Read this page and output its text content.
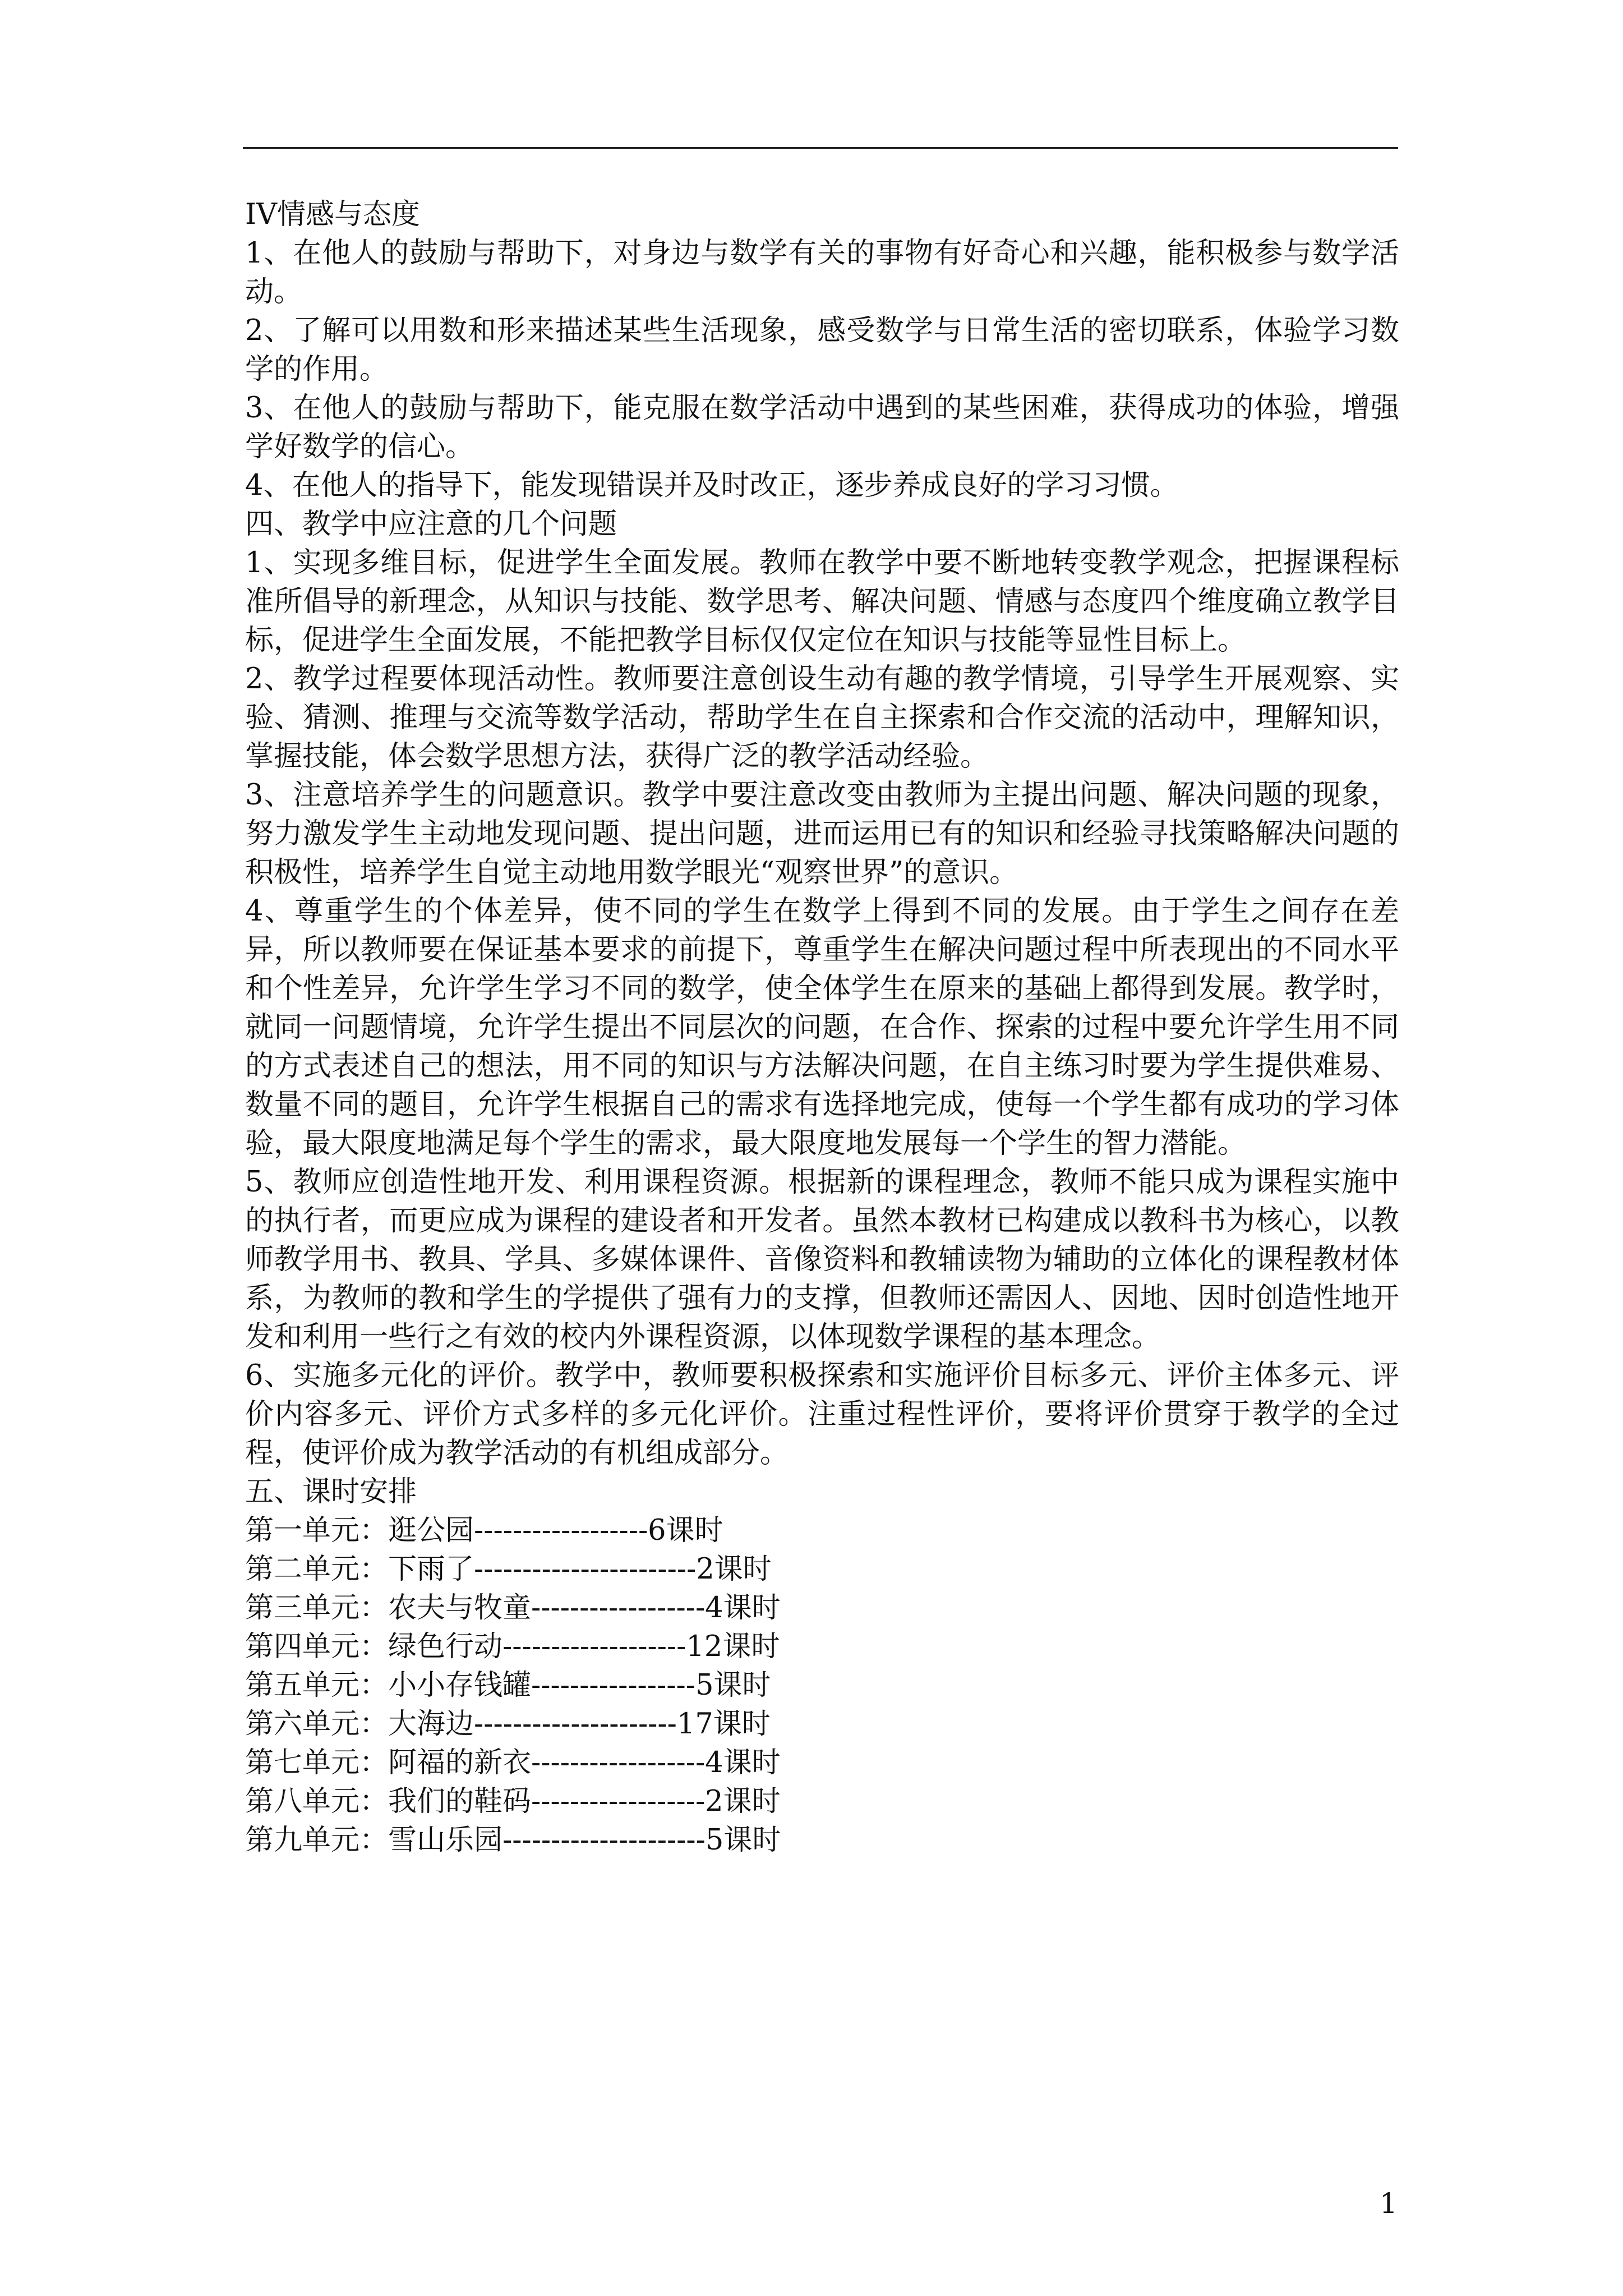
IV情感与态度

1、在他人的鼓励与帮助下，对身边与数学有关的事物有好奇心和兴趣，能积极参与数学活动。

2、了解可以用数和形来描述某些生活现象，感受数学与日常生活的密切联系，体验学习数学的作用。

3、在他人的鼓励与帮助下，能克服在数学活动中遇到的某些困难，获得成功的体验，增强学好数学的信心。

4、在他人的指导下，能发现错误并及时改正，逐步养成良好的学习习惯。

四、教学中应注意的几个问题

1、实现多维目标，促进学生全面发展。教师在教学中要不断地转变教学观念，把握课程标准所倡导的新理念，从知识与技能、数学思考、解决问题、情感与态度四个维度确立教学目标，促进学生全面发展，不能把教学目标仅仅定位在知识与技能等显性目标上。

2、教学过程要体现活动性。教师要注意创设生动有趣的教学情境，引导学生开展观察、实验、猜测、推理与交流等数学活动，帮助学生在自主探索和合作交流的活动中，理解知识，掌握技能，体会数学思想方法，获得广泛的教学活动经验。

3、注意培养学生的问题意识。教学中要注意改变由教师为主提出问题、解决问题的现象，努力激发学生主动地发现问题、提出问题，进而运用已有的知识和经验寻找策略解决问题的积极性，培养学生自觉主动地用数学眼光“观察世界”的意识。

4、尊重学生的个体差异，使不同的学生在数学上得到不同的发展。由于学生之间存在差异，所以教师要在保证基本要求的前提下，尊重学生在解决问题过程中所表现出的不同水平和个性差异，允许学生学习不同的数学，使全体学生在原来的基础上都得到发展。教学时，就同一问题情境，允许学生提出不同层次的问题，在合作、探索的过程中要允许学生用不同的方式表述自己的想法，用不同的知识与方法解决问题，在自主练习时要为学生提供难易、数量不同的题目，允许学生根据自己的需求有选择地完成，使每一个学生都有成功的学习体验，最大限度地满足每个学生的需求，最大限度地发展每一个学生的智力潜能。

5、教师应创造性地开发、利用课程资源。根据新的课程理念，教师不能只成为课程实施中的执行者，而更应成为课程的建设者和开发者。虽然本教材已构建成以教科书为核心，以教师教学用书、教具、学具、多媒体课件、音像资料和教辅读物为辅助的立体化的课程教材体系，为教师的教和学生的学提供了强有力的支撑，但教师还需因人、因地、因时创造性地开发和利用一些行之有效的校内外课程资源，以体现数学课程的基本理念。

6、实施多元化的评价。教学中，教师要积极探索和实施评价目标多元、评价主体多元、评价内容多元、评价方式多样的多元化评价。注重过程性评价，要将评价贯穿于教学的全过程，使评价成为教学活动的有机组成部分。

五、课时安排

第一单元：逛公园------------------6课时

第二单元：下雨了-----------------------2课时

第三单元：农夫与牧童------------------4课时

第四单元：绿色行动-------------------12课时

第五单元：小小存钱罐-----------------5课时

第六单元：大海边---------------------17课时

第七单元：阿福的新衣------------------4课时

第八单元：我们的鞋码------------------2课时

第九单元：雪山乐园---------------------5课时

1
